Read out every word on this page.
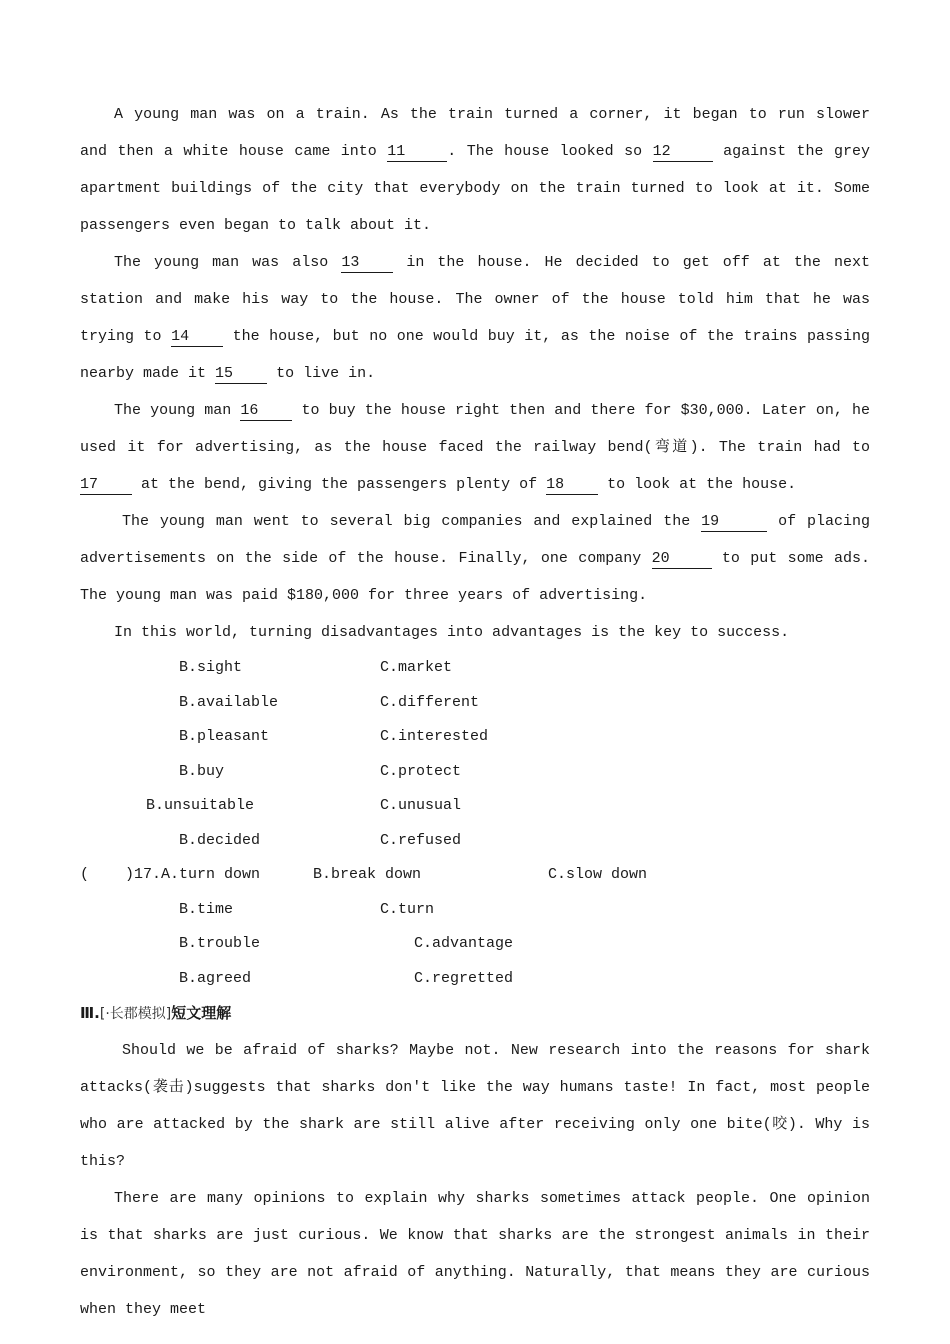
A young man was on a train. As the train turned a corner, it began to run slower and then a white house came into 11	. The house looked so 12	against the grey apartment buildings of the city that everybody on the train turned to look at it. Some passengers even began to talk about it.

The young man was also 13	in the house. He decided to get off at the next station and make his way to the house. The owner of the house told him that he was trying to 14	the house, but no one would buy it, as the noise of the trains passing nearby made it 15	to live in.

The young man 16	to buy the house right then and there for $30,000. Later on, he used it for advertising, as the house faced the railway bend(弯道). The train had to 17	at the bend, giving the passengers plenty of 18	to look at the house.

The young man went to several big companies and explained the 19	of placing advertisements on the side of the house. Finally, one company 20	to put some ads. The young man was paid $180,000 for three years of advertising.

In this world, turning disadvantages into advantages is the key to success.

B.sight	C.market
B.available	C.different
B.pleasant	C.interested
B.buy	C.protect
B.unsuitable	C.unusual
B.decided	C.refused
(    )17.A.turn down	B.break down	C.slow down
B.time	C.turn
B.trouble	C.advantage
B.agreed	C.regretted
Ⅲ.[·长郡模拟]短文理解

Should we be afraid of sharks? Maybe not. New research into the reasons for shark attacks(袭击)suggests that sharks don't like the way humans taste! In fact, most people who are attacked by the shark are still alive after receiving only one bite(咬). Why is this?

There are many opinions to explain why sharks sometimes attack people. One opinion is that sharks are just curious. We know that sharks are the strongest animals in their environment, so they are not afraid of anything. Naturally, that means they are curious when they meet
